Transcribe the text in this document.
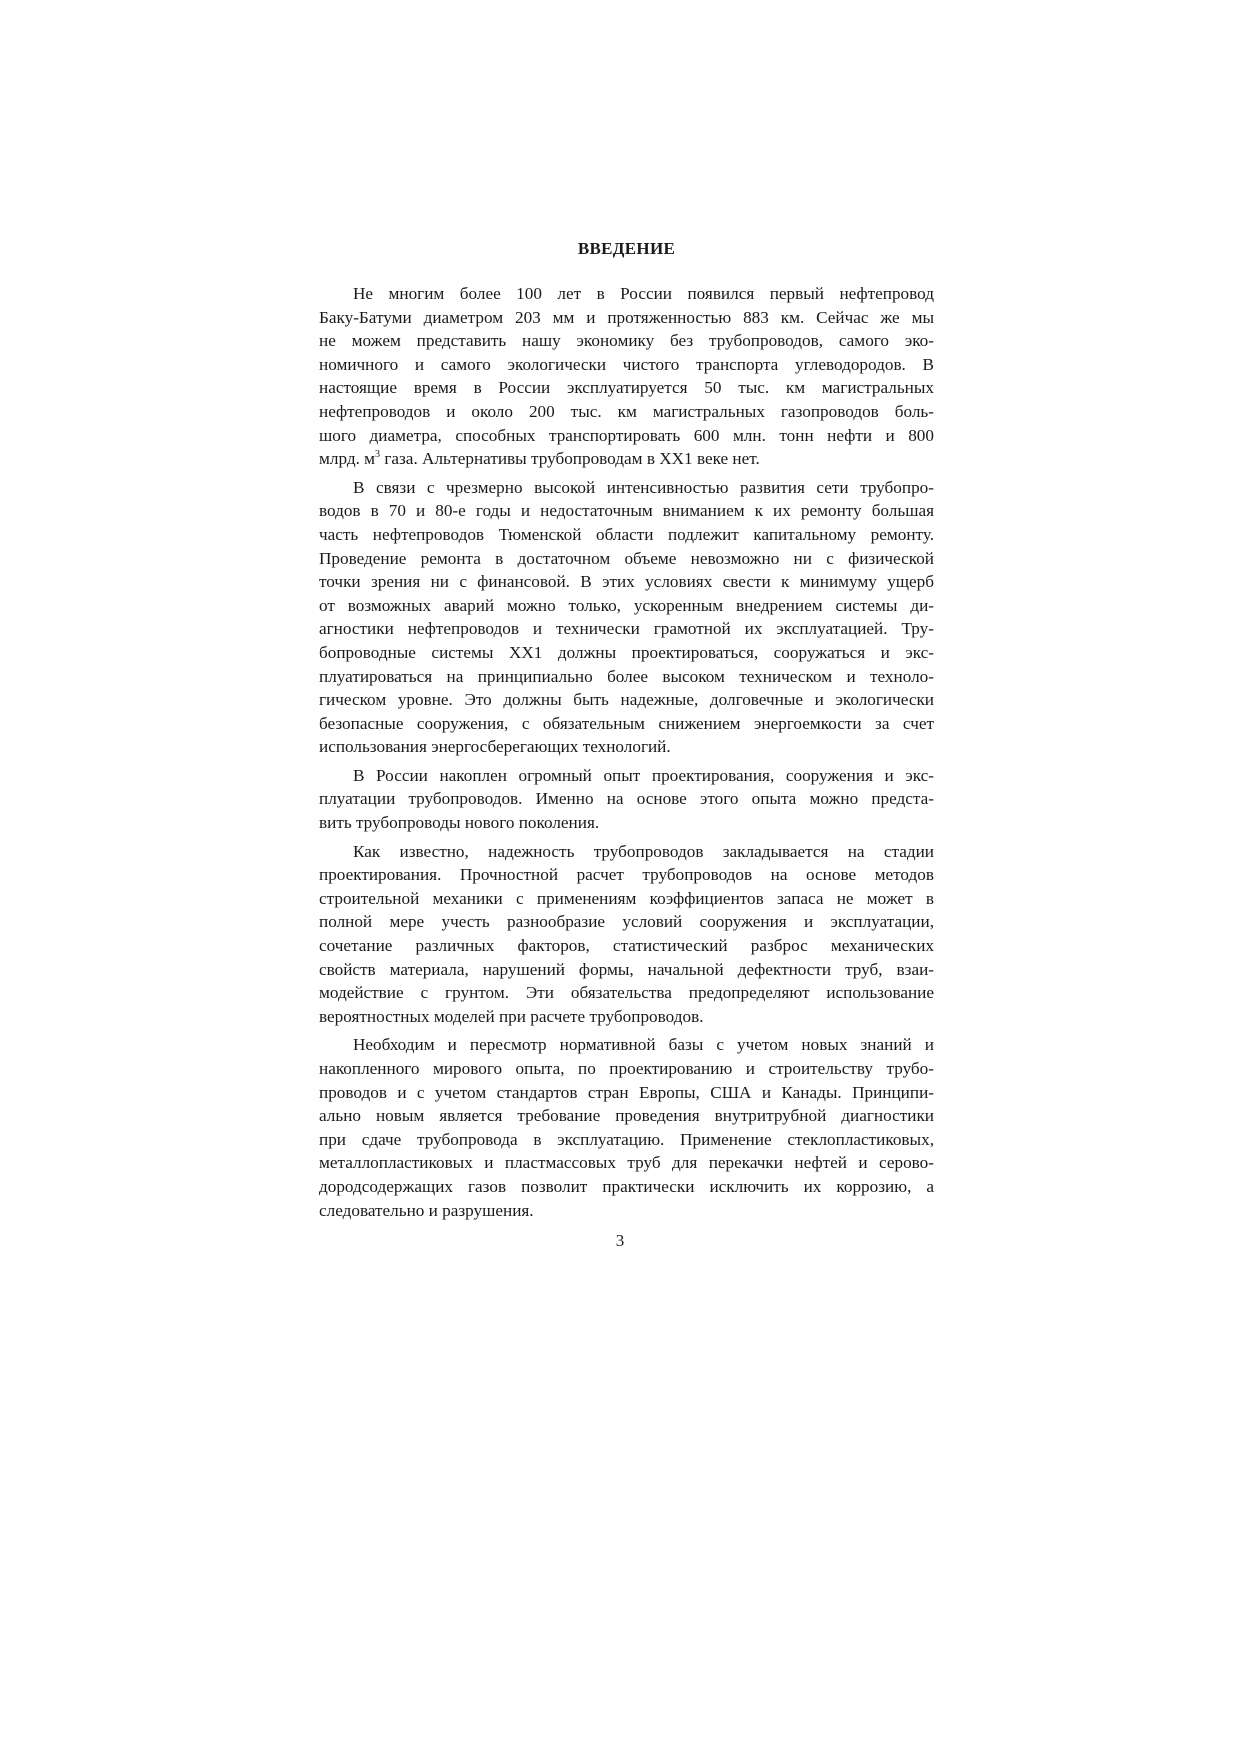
ВВЕДЕНИЕ
Не многим более 100 лет в России появился первый нефтепровод
Баку-Батуми диаметром 203 мм и протяженностью 883 км. Сейчас же мы
не можем представить нашу экономику без трубопроводов, самого эко-
номичного и самого экологически чистого транспорта углеводородов. В
настоящие время в России эксплуатируется 50 тыс. км магистральных
нефтепроводов и около 200 тыс. км магистральных газопроводов боль-
шого диаметра, способных транспортировать 600 млн. тонн нефти и 800
млрд. $м^3$ газа. Альтернативы трубопроводам в XX1 веке нет.
В связи с чрезмерно высокой интенсивностью развития сети трубопро-
водов в 70 и 80-е годы и недостаточным вниманием к их ремонту большая
часть нефтепроводов Тюменской области подлежит капитальному ремонту.
Проведение ремонта в достаточном объеме невозможно ни с физической
точки зрения ни с финансовой. В этих условиях свести к минимуму ущерб
от возможных аварий можно только, ускоренным внедрением системы ди-
агностики нефтепроводов и технически грамотной их эксплуатацией. Тру-
бопроводные системы XX1 должны проектироваться, сооружаться и экс-
плуатироваться на принципиально более высоком техническом и техноло-
гическом уровне. Это должны быть надежные, долговечные и экологически
безопасные сооружения, с обязательным снижением энергоемкости за счет
использования энергосберегающих технологий.
В России накоплен огромный опыт проектирования, сооружения и экс-
плуатации трубопроводов. Именно на основе этого опыта можно предста-
вить трубопроводы нового поколения.
Как известно, надежность трубопроводов закладывается на стадии
проектирования. Прочностной расчет трубопроводов на основе методов
строительной механики с применениям коэффициентов запаса не может в
полной мере учесть разнообразие условий сооружения и эксплуатации,
сочетание различных факторов, статистический разброс механических
свойств материала, нарушений формы, начальной дефектности труб, взаи-
модействие с грунтом. Эти обязательства предопределяют использование
вероятностных моделей при расчете трубопроводов.
Необходим и пересмотр нормативной базы с учетом новых знаний и
накопленного мирового опыта, по проектированию и строительству трубо-
проводов и с учетом стандартов стран Европы, США и Канады. Принципи-
ально новым является требование проведения внутритрубной диагностики
при сдаче трубопровода в эксплуатацию. Применение стеклопластиковых,
металлопластиковых и пластмассовых труб для перекачки нефтей и серово-
дородсодержащих газов позволит практически исключить их коррозию, а
следовательно и разрушения.
3
